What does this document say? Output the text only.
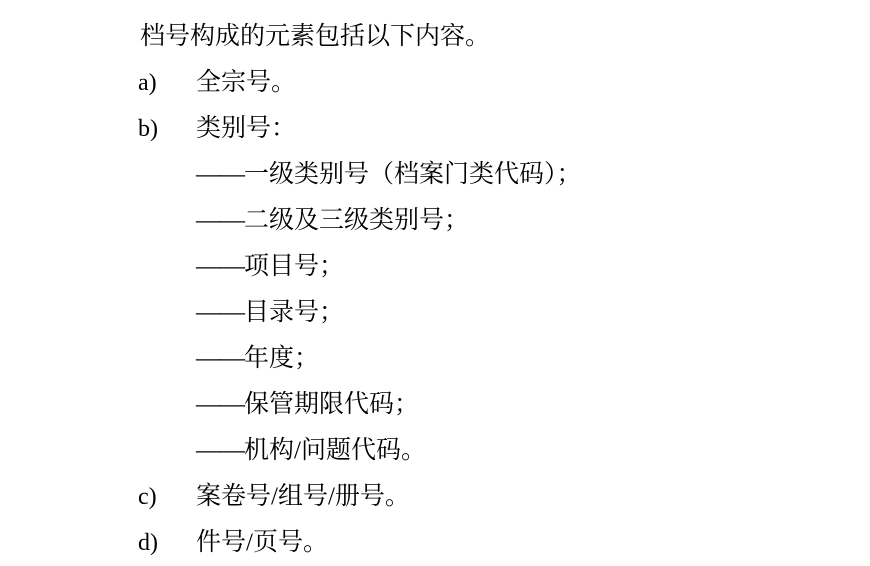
档号构成的元素包括以下内容。
a)	全宗号。
b)	类别号：
—— 一级类别号（档案门类代码）；
—— 二级及三级类别号；
—— 项目号；
—— 目录号；
—— 年度；
—— 保管期限代码；
—— 机构/问题代码。
c)	案卷号/组号/册号。
d)	件号/页号。
